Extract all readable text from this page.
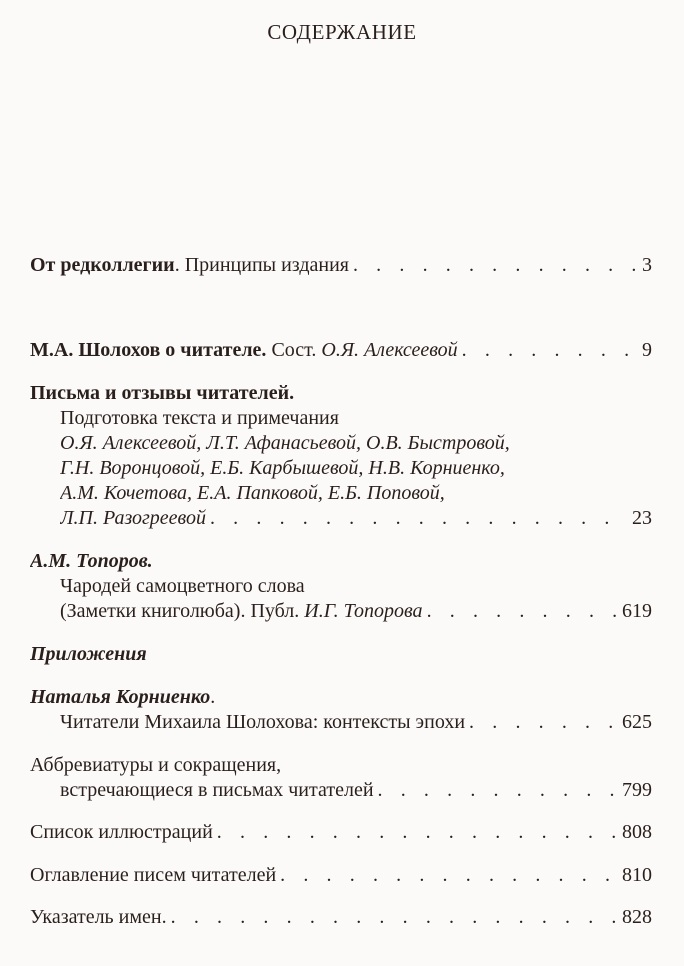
СОДЕРЖАНИЕ
От редколлегии. Принципы издания . . .	3
М.А. Шолохов о читателе. Сост. О.Я. Алексеевой . . .	9
Письма и отзывы читателей.
Подготовка текста и примечания
О.Я. Алексеевой, Л.Т. Афанасьевой, О.В. Быстровой,
Г.Н. Воронцовой, Е.Б. Карбышевой, Н.В. Корниенко,
А.М. Кочетова, Е.А. Папковой, Е.Б. Поповой,
Л.П. Разогреевой . . .	23
А.М. Топоров.
Чародей самоцветного слова
(Заметки книголюба). Публ. И.Г. Топорова . . .	619
Приложения
Наталья Корниенко.
Читатели Михаила Шолохова: контексты эпохи . . .	625
Аббревиатуры и сокращения,
встречающиеся в письмах читателей . . .	799
Список иллюстраций . . .	808
Оглавление писем читателей . . .	810
Указатель имен. . . .	828
